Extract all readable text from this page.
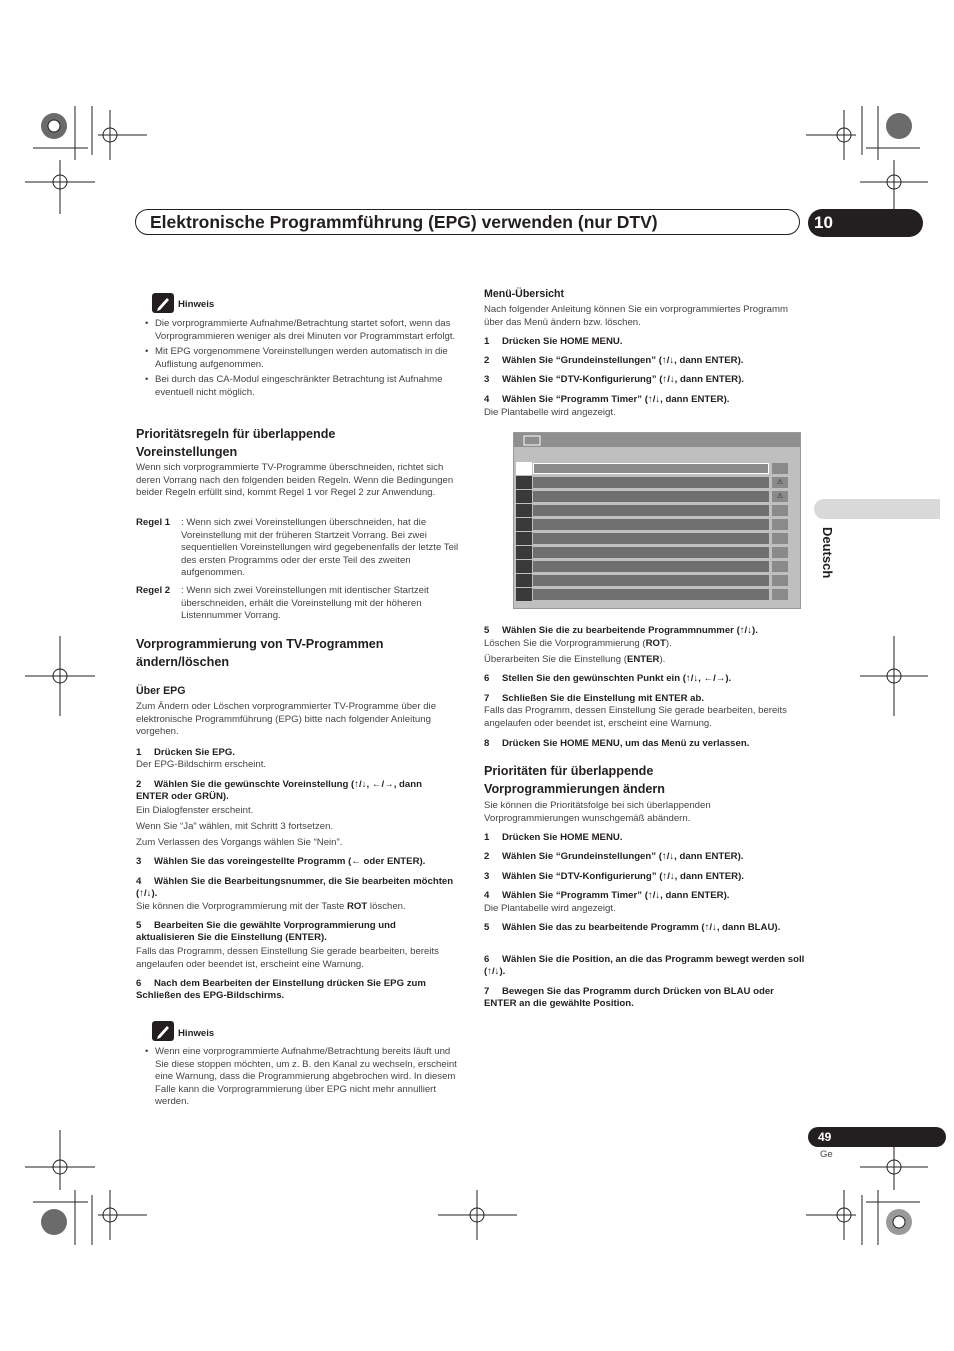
Elektronische Programmführung (EPG) verwenden (nur DTV)	10
Deutsch
Hinweis
• Die vorprogrammierte Aufnahme/Betrachtung startet sofort, wenn das Vorprogrammieren weniger als drei Minuten vor Programmstart erfolgt.
• Mit EPG vorgenommene Voreinstellungen werden automatisch in die Auflistung aufgenommen.
• Bei durch das CA-Modul eingeschränkter Betrachtung ist Aufnahme eventuell nicht möglich.
Prioritätsregeln für überlappende Voreinstellungen
Wenn sich vorprogrammierte TV-Programme überschneiden, richtet sich deren Vorrang nach den folgenden beiden Regeln. Wenn die Bedingungen beider Regeln erfüllt sind, kommt Regel 1 vor Regel 2 zur Anwendung.
Regel 1 : Wenn sich zwei Voreinstellungen überschneiden, hat die Voreinstellung mit der früheren Startzeit Vorrang. Bei zwei sequentiellen Voreinstellungen wird gegebenenfalls der letzte Teil des ersten Programms oder der erste Teil des zweiten aufgenommen.
Regel 2 : Wenn sich zwei Voreinstellungen mit identischer Startzeit überschneiden, erhält die Voreinstellung mit der höheren Listennummer Vorrang.
Vorprogrammierung von TV-Programmen ändern/löschen
Über EPG
Zum Ändern oder Löschen vorprogrammierter TV-Programme über die elektronische Programmführung (EPG) bitte nach folgender Anleitung vorgehen.
1 Drücken Sie EPG.
Der EPG-Bildschirm erscheint.
2 Wählen Sie die gewünschte Voreinstellung (↑/↓, ←/→, dann ENTER oder GRÜN).
Ein Dialogfenster erscheint.
Wenn Sie “Ja” wählen, mit Schritt 3 fortsetzen.
Zum Verlassen des Vorgangs wählen Sie “Nein”.
3 Wählen Sie das voreingestellte Programm (← oder ENTER).
4 Wählen Sie die Bearbeitungsnummer, die Sie bearbeiten möchten (↑/↓).
Sie können die Vorprogrammierung mit der Taste ROT löschen.
5 Bearbeiten Sie die gewählte Vorprogrammierung und aktualisieren Sie die Einstellung (ENTER).
Falls das Programm, dessen Einstellung Sie gerade bearbeiten, bereits angelaufen oder beendet ist, erscheint eine Warnung.
6 Nach dem Bearbeiten der Einstellung drücken Sie EPG zum Schließen des EPG-Bildschirms.
Hinweis
• Wenn eine vorprogrammierte Aufnahme/Betrachtung bereits läuft und Sie diese stoppen möchten, um z. B. den Kanal zu wechseln, erscheint eine Warnung, dass die Programmierung abgebrochen wird. In diesem Falle kann die Vorprogrammierung über EPG nicht mehr annulliert werden.
Menü-Übersicht
Nach folgender Anleitung können Sie ein vorprogrammiertes Programm über das Menü ändern bzw. löschen.
1 Drücken Sie HOME MENU.
2 Wählen Sie “Grundeinstellungen” (↑/↓, dann ENTER).
3 Wählen Sie “DTV-Konfigurierung” (↑/↓, dann ENTER).
4 Wählen Sie “Programm Timer” (↑/↓, dann ENTER).
Die Plantabelle wird angezeigt.
⚠
⚠
5 Wählen Sie die zu bearbeitende Programmnummer (↑/↓).
Löschen Sie die Vorprogrammierung (ROT).
Überarbeiten Sie die Einstellung (ENTER).
6 Stellen Sie den gewünschten Punkt ein (↑/↓, ←/→).
7 Schließen Sie die Einstellung mit ENTER ab.
Falls das Programm, dessen Einstellung Sie gerade bearbeiten, bereits angelaufen oder beendet ist, erscheint eine Warnung.
8 Drücken Sie HOME MENU, um das Menü zu verlassen.
Prioritäten für überlappende Vorprogrammierungen ändern
Sie können die Prioritätsfolge bei sich überlappenden Vorprogrammierungen wunschgemäß abändern.
1 Drücken Sie HOME MENU.
2 Wählen Sie “Grundeinstellungen” (↑/↓, dann ENTER).
3 Wählen Sie “DTV-Konfigurierung” (↑/↓, dann ENTER).
4 Wählen Sie “Programm Timer” (↑/↓, dann ENTER).
Die Plantabelle wird angezeigt.
5 Wählen Sie das zu bearbeitende Programm (↑/↓, dann BLAU).
6 Wählen Sie die Position, an die das Programm bewegt werden soll (↑/↓).
7 Bewegen Sie das Programm durch Drücken von BLAU oder ENTER an die gewählte Position.
49
Ge
